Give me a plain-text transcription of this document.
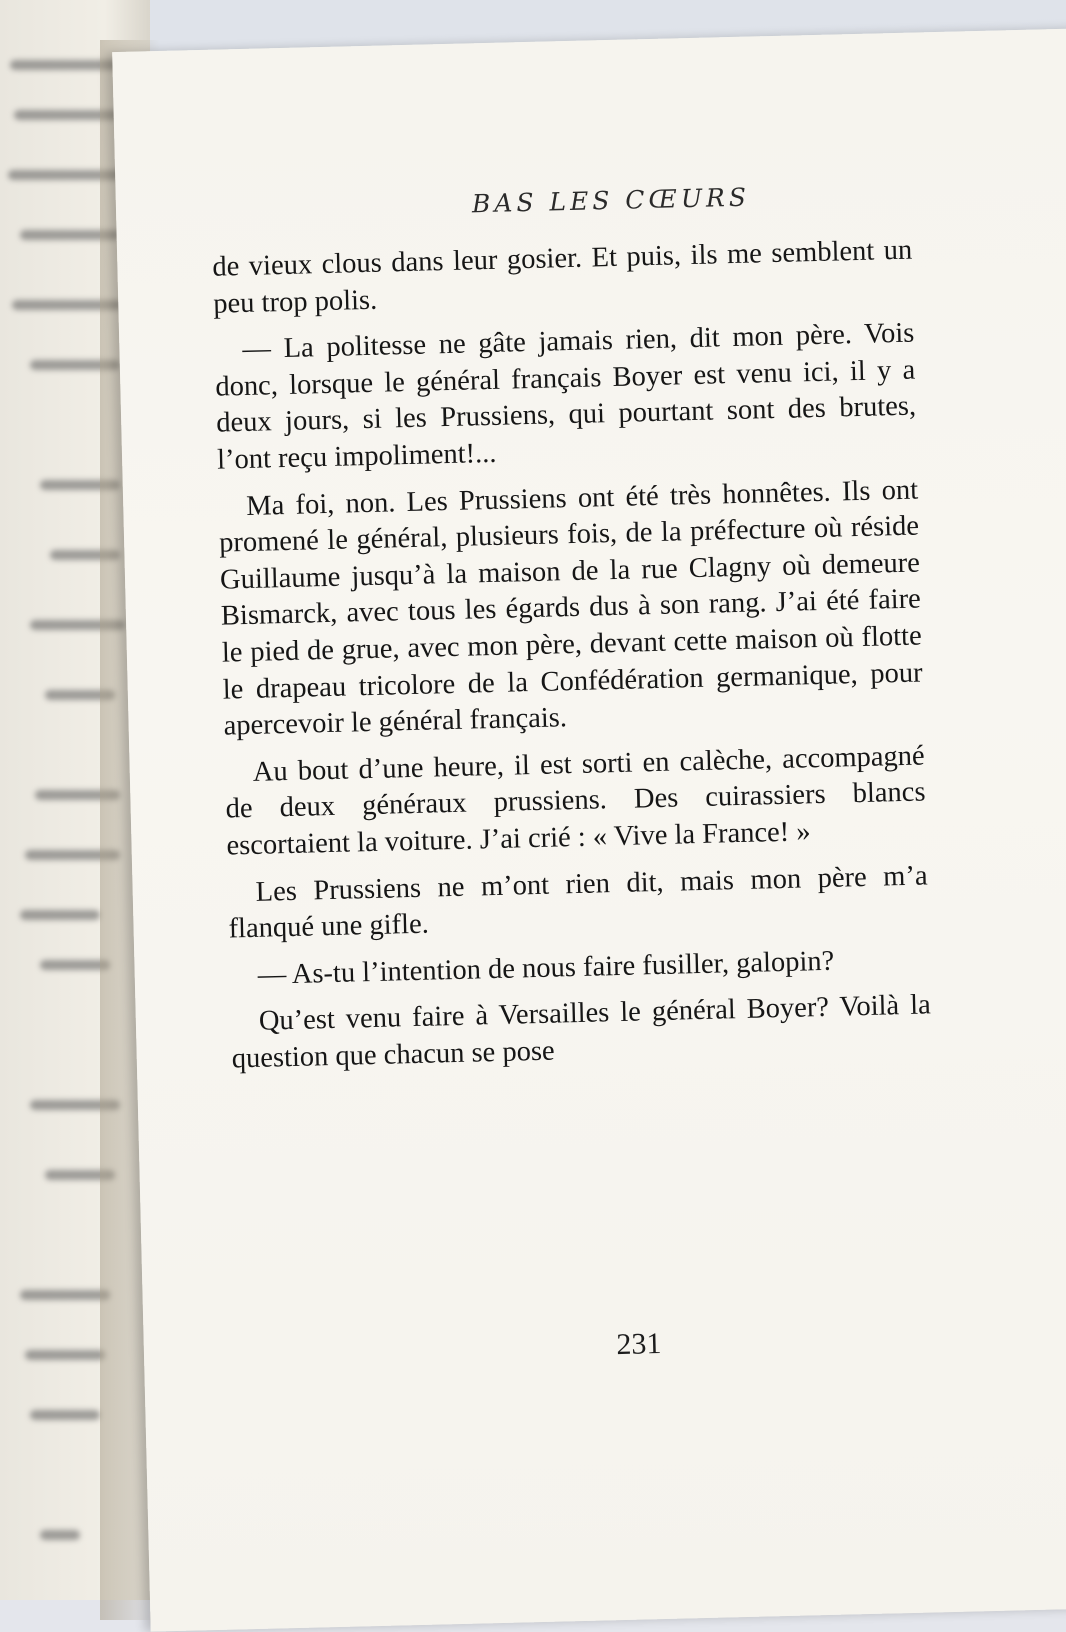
BAS LES CŒURS

de vieux clous dans leur gosier. Et puis, ils me semblent un peu trop polis.

— La politesse ne gâte jamais rien, dit mon père. Vois donc, lorsque le général français Boyer est venu ici, il y a deux jours, si les Prussiens, qui pourtant sont des brutes, l’ont reçu impoliment!...

Ma foi, non. Les Prussiens ont été très honnêtes. Ils ont promené le général, plusieurs fois, de la préfecture où réside Guillaume jusqu’à la maison de la rue Clagny où demeure Bismarck, avec tous les égards dus à son rang. J’ai été faire le pied de grue, avec mon père, devant cette maison où flotte le drapeau tricolore de la Confédération germanique, pour apercevoir le général français.

Au bout d’une heure, il est sorti en calèche, accompagné de deux généraux prussiens. Des cuirassiers blancs escortaient la voiture. J’ai crié : « Vive la France! »

Les Prussiens ne m’ont rien dit, mais mon père m’a flanqué une gifle.

— As-tu l’intention de nous faire fusiller, galopin?

Qu’est venu faire à Versailles le général Boyer? Voilà la question que chacun se pose

231
